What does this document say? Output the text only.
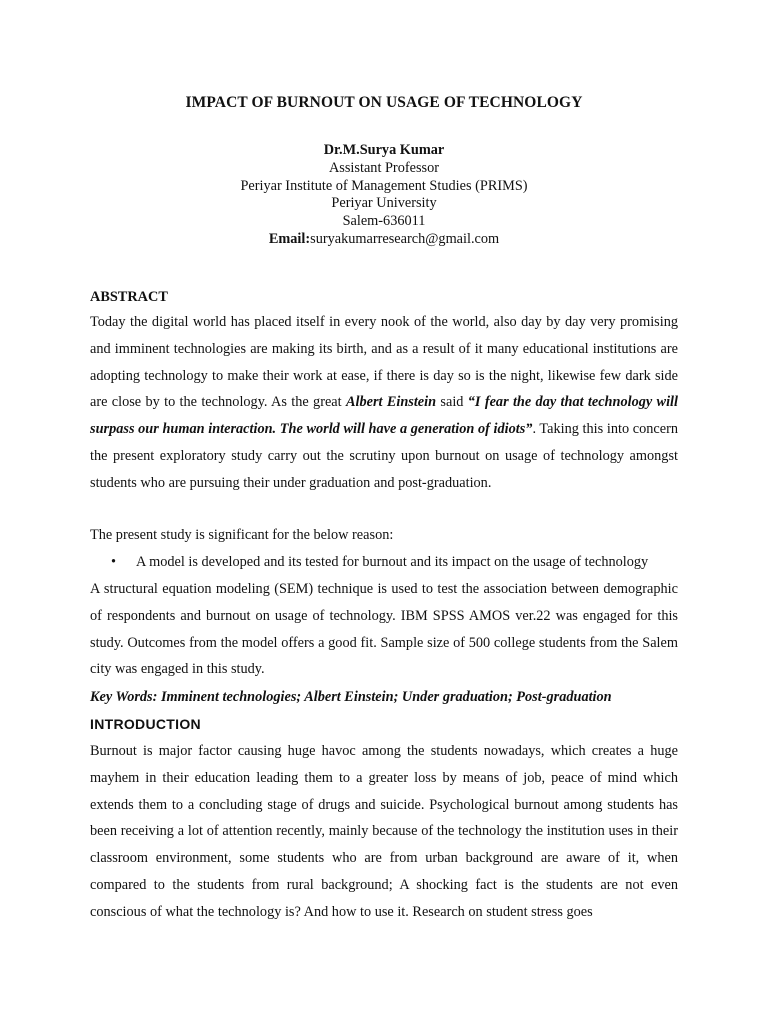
IMPACT OF BURNOUT ON USAGE OF TECHNOLOGY
Dr.M.Surya Kumar
Assistant Professor
Periyar Institute of Management Studies (PRIMS)
Periyar University
Salem-636011
Email:suryakumarresearch@gmail.com
ABSTRACT

Today the digital world has placed itself in every nook of the world, also day by day very promising and imminent technologies are making its birth, and as a result of it many educational institutions are adopting technology to make their work at ease, if there is day so is the night, likewise few dark side are close by to the technology. As the great Albert Einstein said “I fear the day that technology will surpass our human interaction. The world will have a generation of idiots”. Taking this into concern the present exploratory study carry out the scrutiny upon burnout on usage of technology amongst students who are pursuing their under graduation and post-graduation.

The present study is significant for the below reason:
• A model is developed and its tested for burnout and its impact on the usage of technology

A structural equation modeling (SEM) technique is used to test the association between demographic of respondents and burnout on usage of technology. IBM SPSS AMOS ver.22 was engaged for this study. Outcomes from the model offers a good fit. Sample size of 500 college students from the Salem city was engaged in this study.

Key Words: Imminent technologies; Albert Einstein; Under graduation; Post-graduation
INTRODUCTION

Burnout is major factor causing huge havoc among the students nowadays, which creates a huge mayhem in their education leading them to a greater loss by means of job, peace of mind which extends them to a concluding stage of drugs and suicide. Psychological burnout among students has been receiving a lot of attention recently, mainly because of the technology the institution uses in their classroom environment, some students who are from urban background are aware of it, when compared to the students from rural background; A shocking fact is the students are not even conscious of what the technology is? And how to use it. Research on student stress goes
